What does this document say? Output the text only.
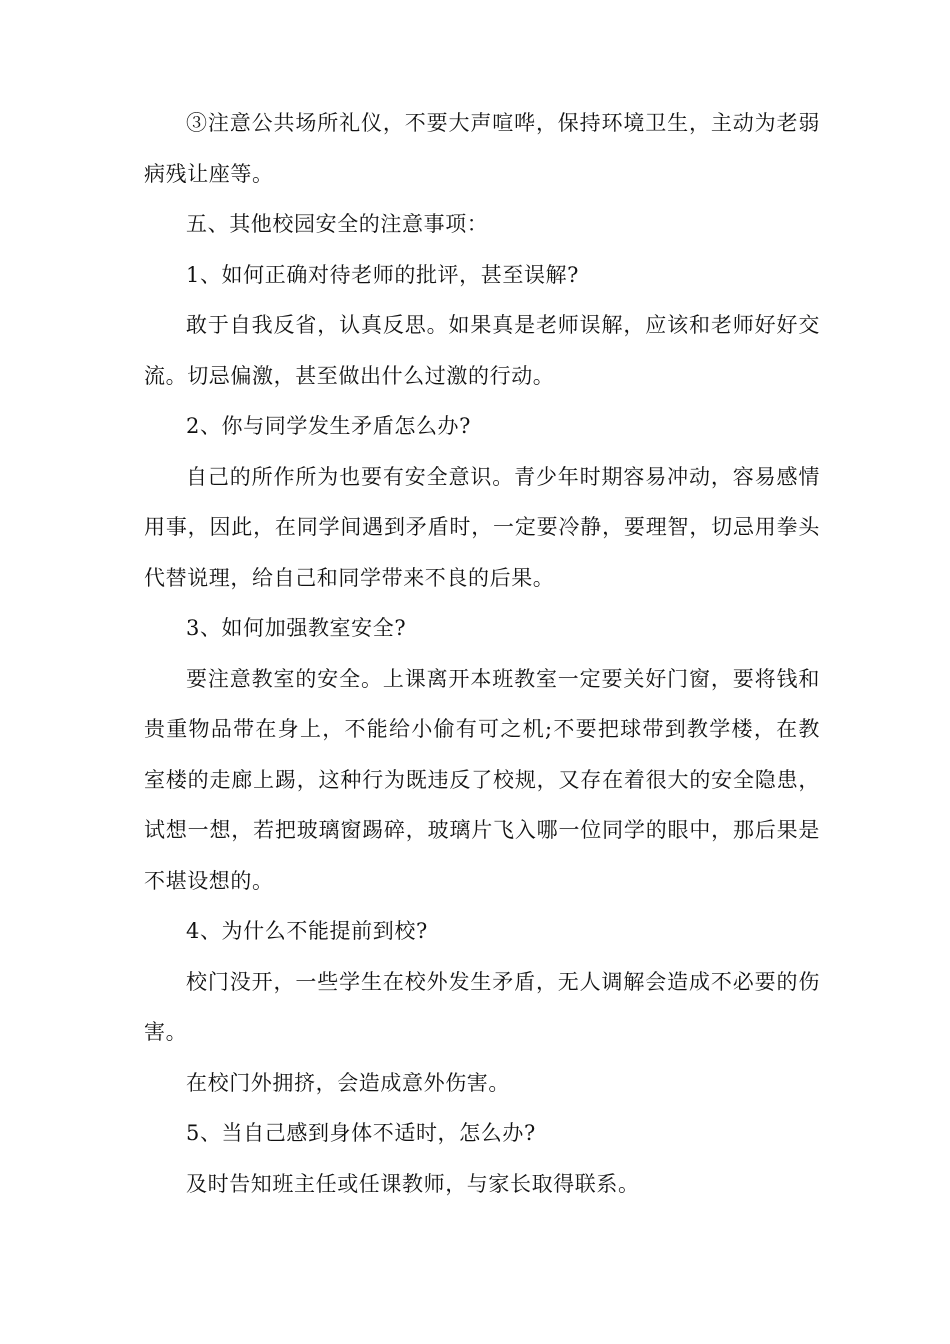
③注意公共场所礼仪，不要大声喧哗，保持环境卫生，主动为老弱病残让座等。

五、其他校园安全的注意事项：

1、如何正确对待老师的批评，甚至误解?

敢于自我反省，认真反思。如果真是老师误解，应该和老师好好交流。切忌偏激，甚至做出什么过激的行动。

2、你与同学发生矛盾怎么办?

自己的所作所为也要有安全意识。青少年时期容易冲动，容易感情用事，因此，在同学间遇到矛盾时，一定要冷静，要理智，切忌用拳头代替说理，给自己和同学带来不良的后果。

3、如何加强教室安全?

要注意教室的安全。上课离开本班教室一定要关好门窗，要将钱和贵重物品带在身上，不能给小偷有可之机;不要把球带到教学楼，在教室楼的走廊上踢，这种行为既违反了校规，又存在着很大的安全隐患，试想一想，若把玻璃窗踢碎，玻璃片飞入哪一位同学的眼中，那后果是不堪设想的。

4、为什么不能提前到校?

校门没开，一些学生在校外发生矛盾，无人调解会造成不必要的伤害。

在校门外拥挤，会造成意外伤害。

5、当自己感到身体不适时，怎么办?

及时告知班主任或任课教师，与家长取得联系。
